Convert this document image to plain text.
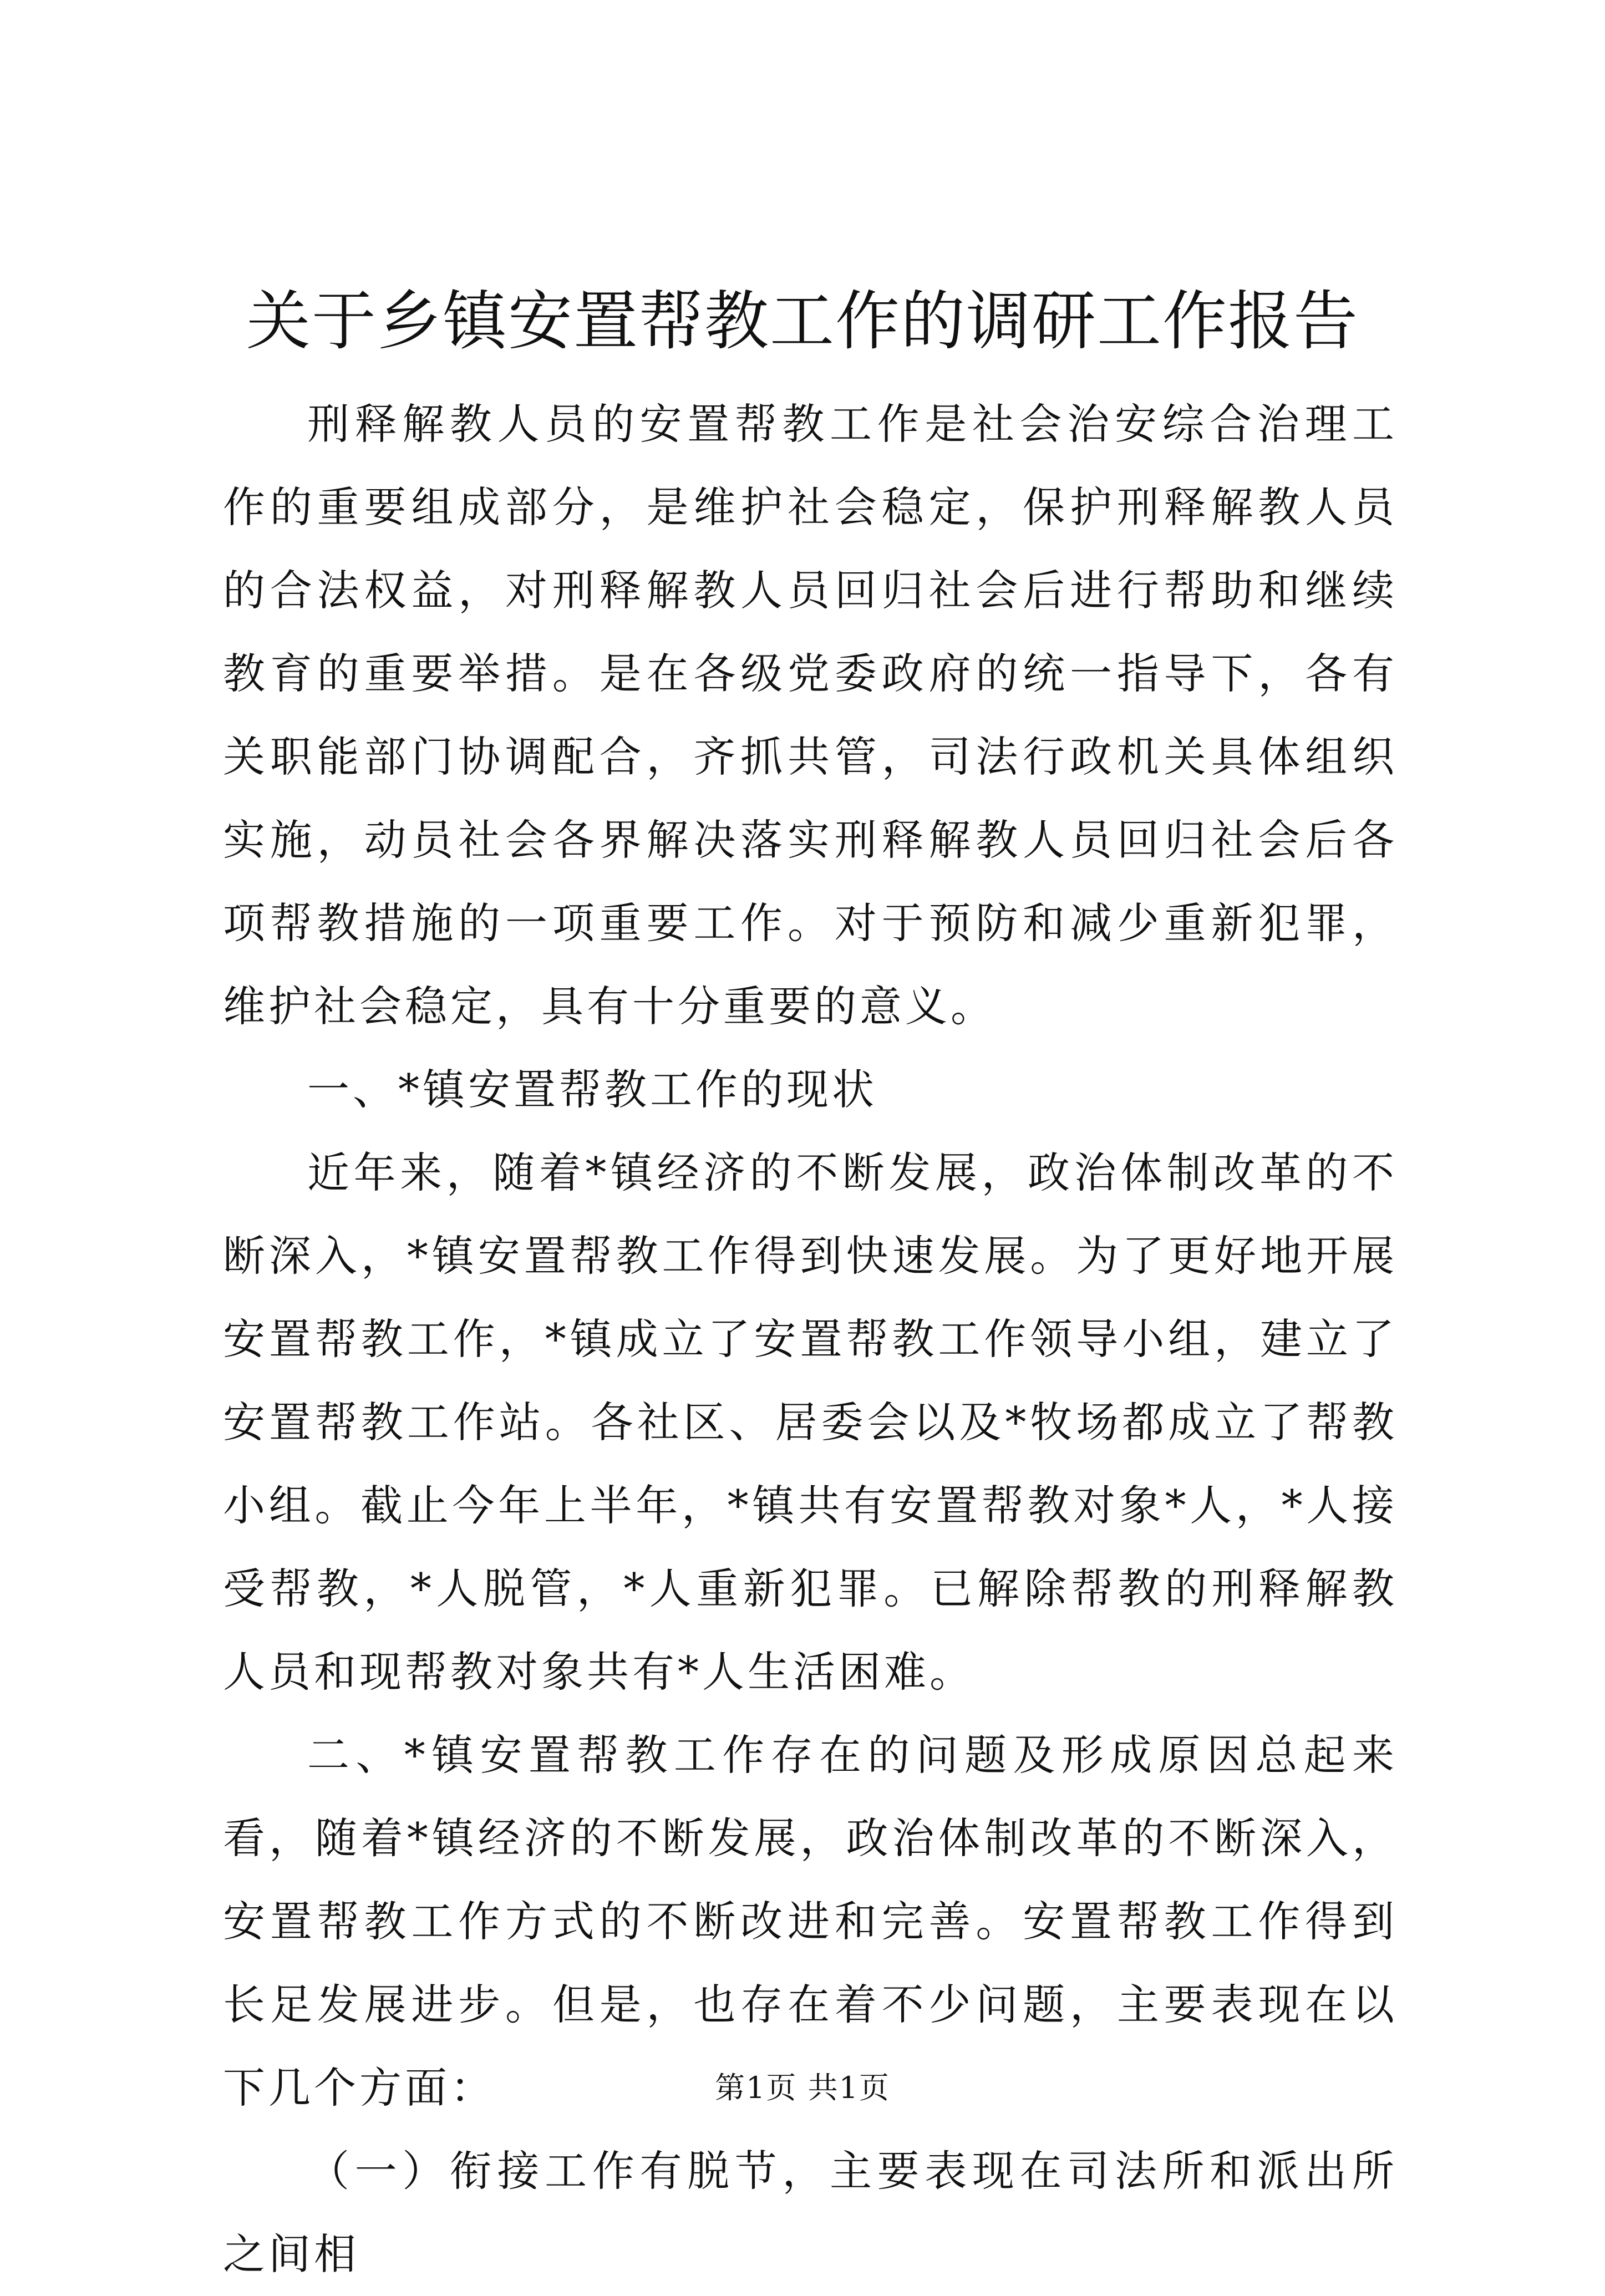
关于乡镇安置帮教工作的调研工作报告

刑释解教人员的安置帮教工作是社会治安综合治理工作的重要组成部分，是维护社会稳定，保护刑释解教人员的合法权益，对刑释解教人员回归社会后进行帮助和继续教育的重要举措。是在各级党委政府的统一指导下，各有关职能部门协调配合，齐抓共管，司法行政机关具体组织实施，动员社会各界解决落实刑释解教人员回归社会后各项帮教措施的一项重要工作。对于预防和减少重新犯罪，维护社会稳定，具有十分重要的意义。

一、*镇安置帮教工作的现状

近年来，随着*镇经济的不断发展，政治体制改革的不断深入，*镇安置帮教工作得到快速发展。为了更好地开展安置帮教工作，*镇成立了安置帮教工作领导小组，建立了安置帮教工作站。各社区、居委会以及*牧场都成立了帮教小组。截止今年上半年，*镇共有安置帮教对象*人，*人接受帮教，*人脱管，*人重新犯罪。已解除帮教的刑释解教人员和现帮教对象共有*人生活困难。

二、*镇安置帮教工作存在的问题及形成原因总起来看，随着*镇经济的不断发展，政治体制改革的不断深入，安置帮教工作方式的不断改进和完善。安置帮教工作得到长足发展进步。但是，也存在着不少问题，主要表现在以下几个方面：

（一）衔接工作有脱节，主要表现在司法所和派出所之间相

第1页 共1页
